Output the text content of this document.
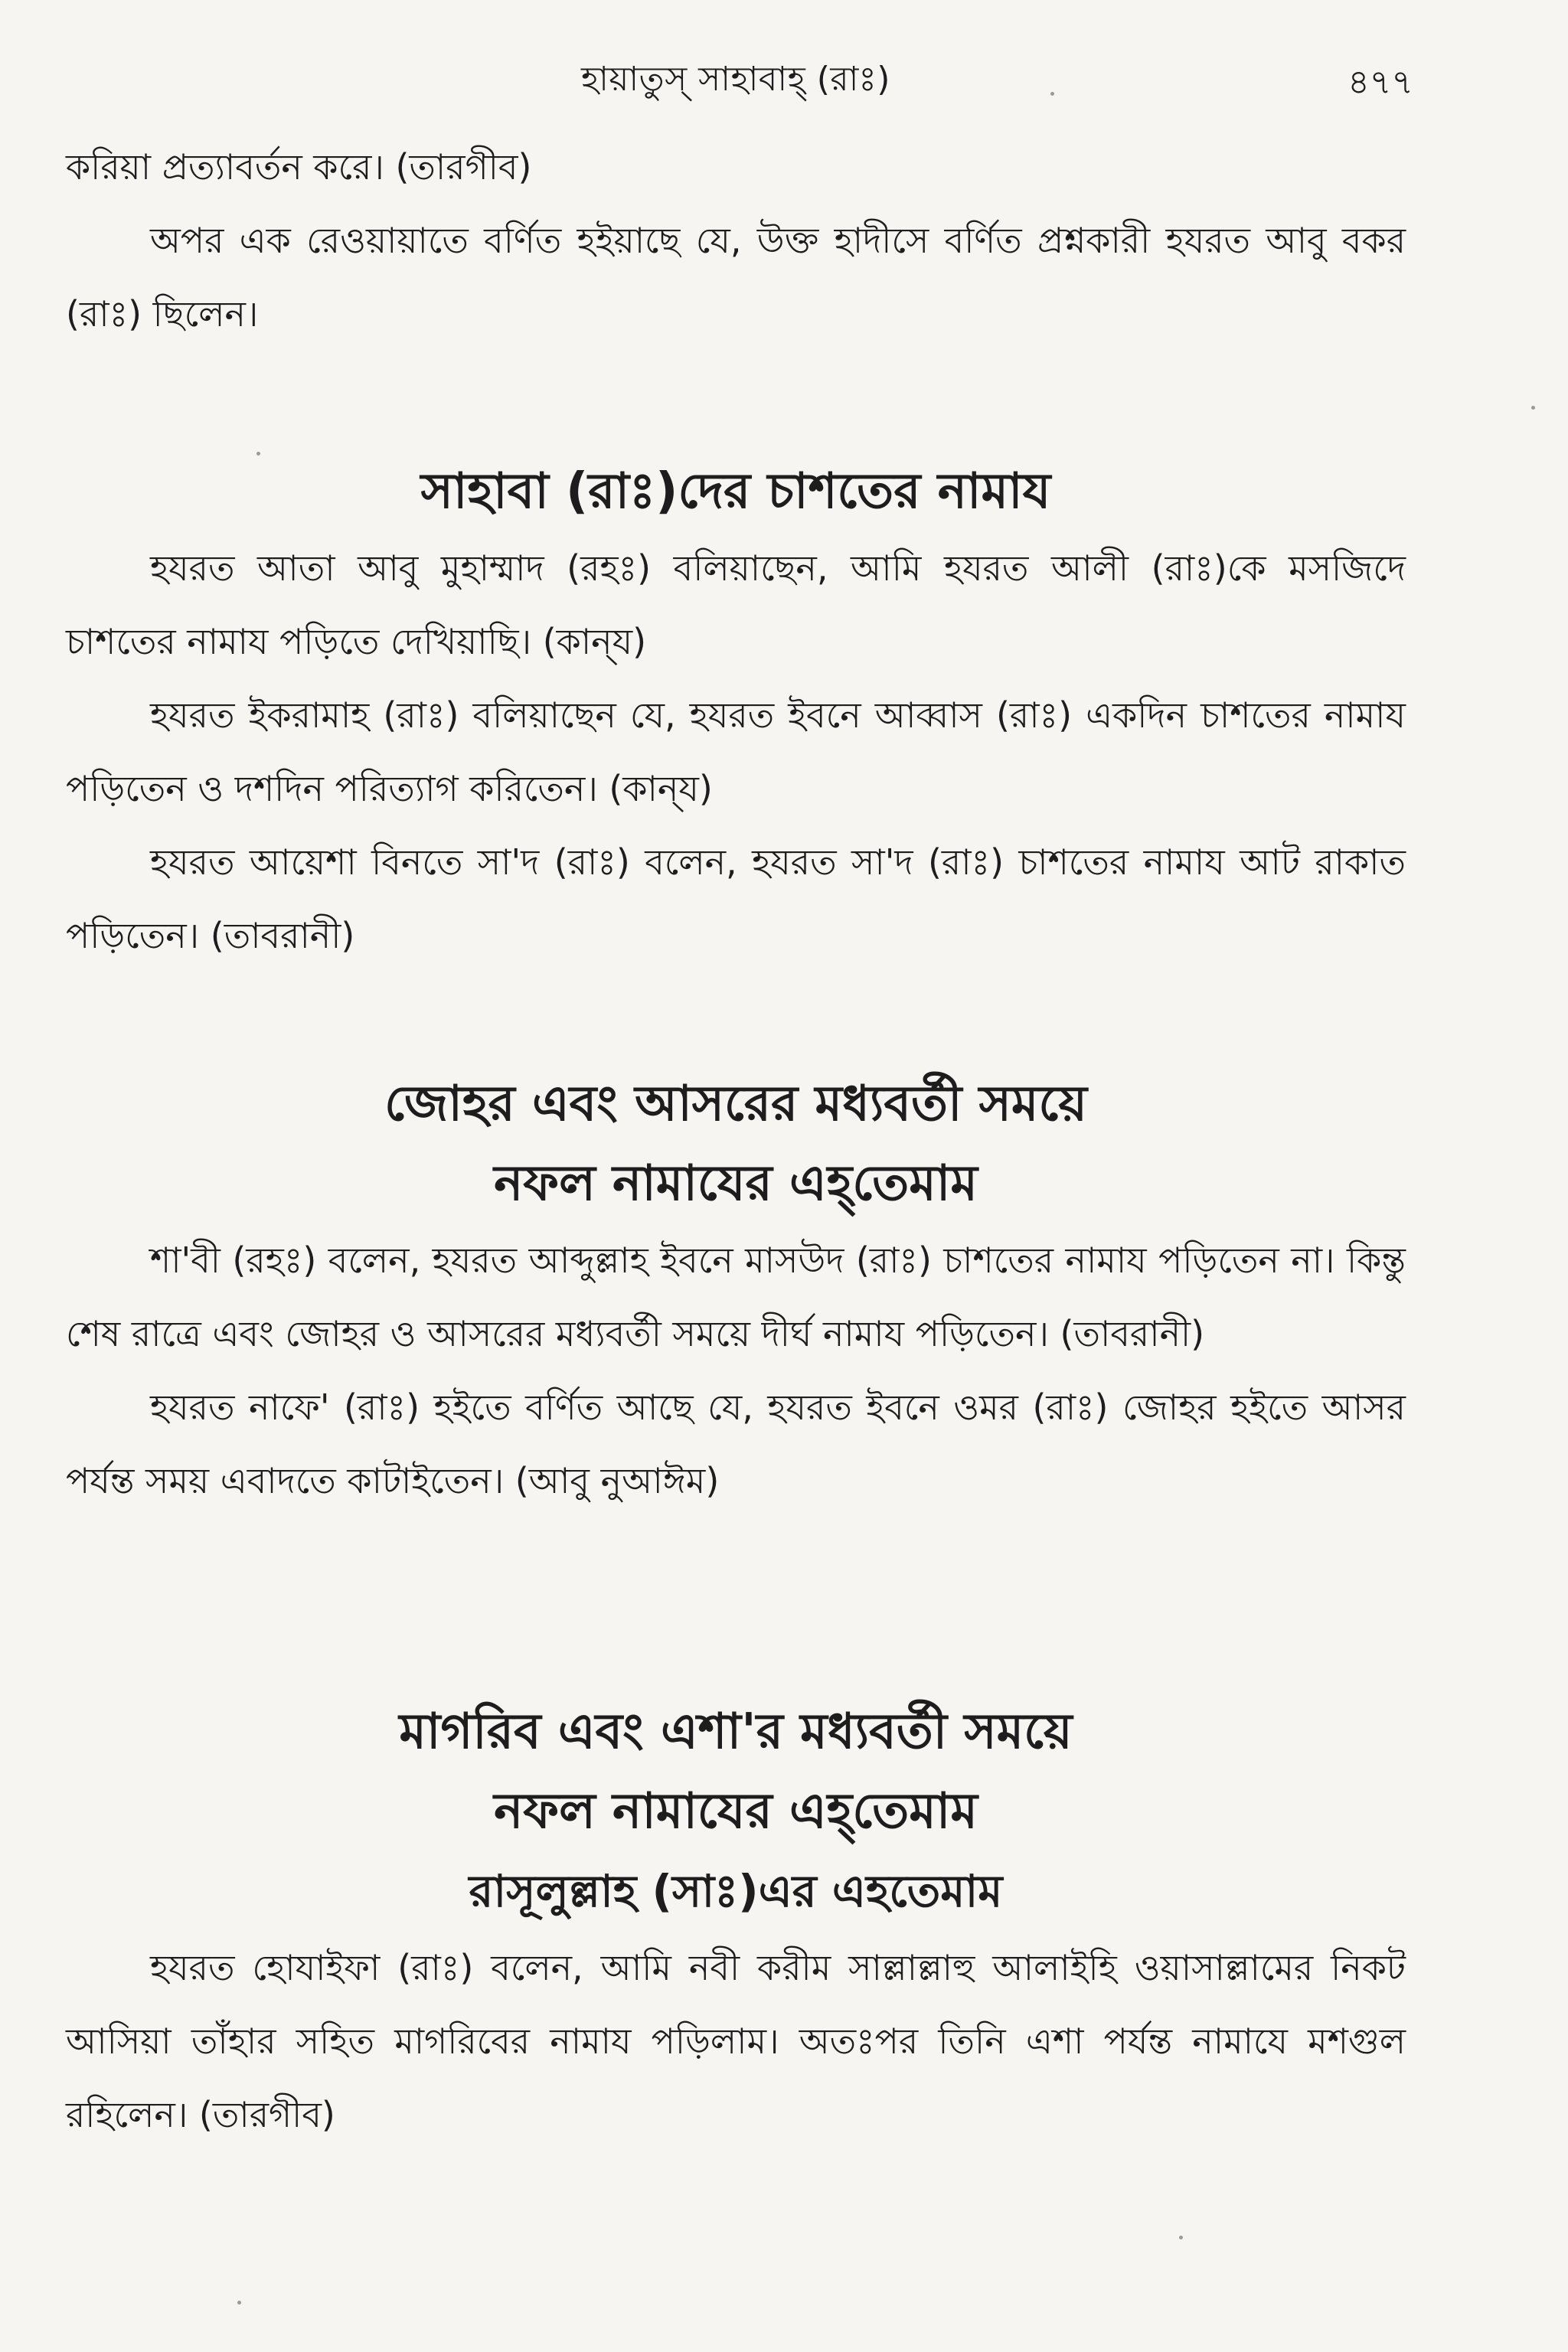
হায়াতুস্ সাহাবাহ্ (রাঃ)	৪৭৭

করিয়া প্রত্যাবর্তন করে। (তারগীব)

অপর এক রেওয়ায়াতে বর্ণিত হইয়াছে যে, উক্ত হাদীসে বর্ণিত প্রশ্নকারী হযরত আবু বকর (রাঃ) ছিলেন।

সাহাবা (রাঃ)দের চাশতের নামায

হযরত আতা আবু মুহাম্মাদ (রহঃ) বলিয়াছেন, আমি হযরত আলী (রাঃ)কে মসজিদে চাশতের নামায পড়িতে দেখিয়াছি। (কান্‌য)

হযরত ইকরামাহ (রাঃ) বলিয়াছেন যে, হযরত ইবনে আব্বাস (রাঃ) একদিন চাশতের নামায পড়িতেন ও দশদিন পরিত্যাগ করিতেন। (কান্‌য)

হযরত আয়েশা বিনতে সা'দ (রাঃ) বলেন, হযরত সা'দ (রাঃ) চাশতের নামায আট রাকাত পড়িতেন। (তাবরানী)

জোহর এবং আসরের মধ্যবর্তী সময়ে
নফল নামাযের এহ্‌তেমাম

শা'বী (রহঃ) বলেন, হযরত আব্দুল্লাহ ইবনে মাসউদ (রাঃ) চাশতের নামায পড়িতেন না। কিন্তু শেষ রাত্রে এবং জোহর ও আসরের মধ্যবর্তী সময়ে দীর্ঘ নামায পড়িতেন। (তাবরানী)

হযরত নাফে' (রাঃ) হইতে বর্ণিত আছে যে, হযরত ইবনে ওমর (রাঃ) জোহর হইতে আসর পর্যন্ত সময় এবাদতে কাটাইতেন। (আবু নুআঈম)

মাগরিব এবং এশা'র মধ্যবর্তী সময়ে
নফল নামাযের এহ্‌তেমাম
রাসূলুল্লাহ (সাঃ)এর এহতেমাম

হযরত হোযাইফা (রাঃ) বলেন, আমি নবী করীম সাল্লাল্লাহু আলাইহি ওয়াসাল্লামের নিকট আসিয়া তাঁহার সহিত মাগরিবের নামায পড়িলাম। অতঃপর তিনি এশা পর্যন্ত নামাযে মশগুল রহিলেন। (তারগীব)
